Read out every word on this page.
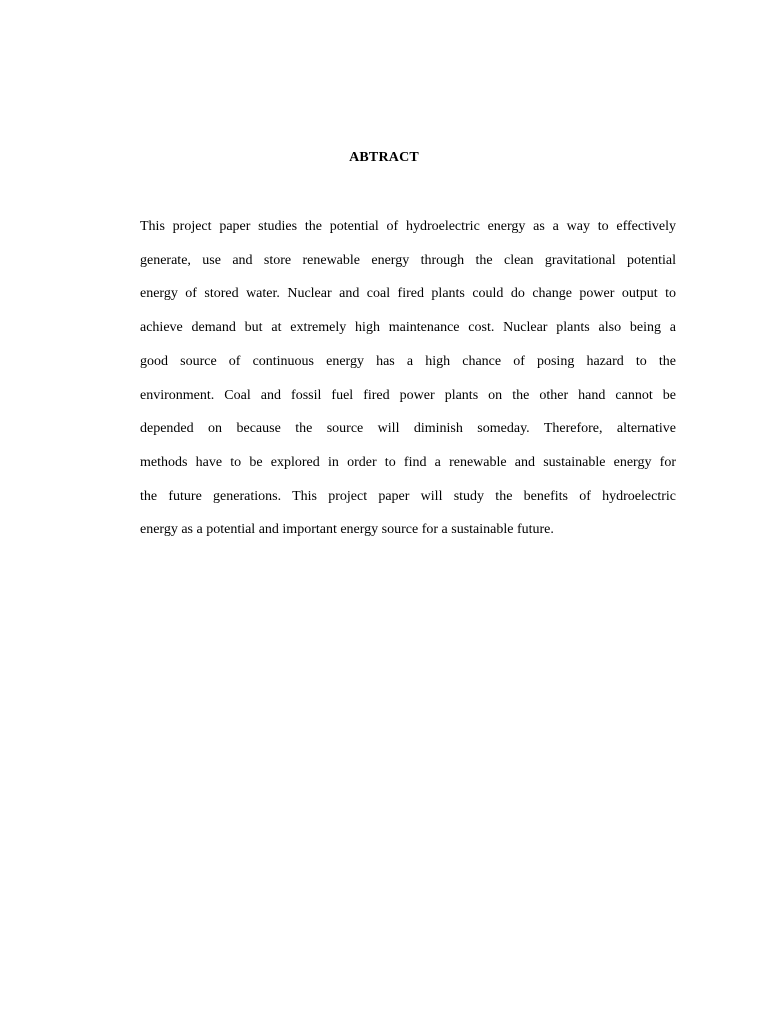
ABTRACT
This project paper studies the potential of hydroelectric energy as a way to effectively
generate, use and store renewable energy through the clean gravitational potential
energy of stored water. Nuclear and coal fired plants could do change power output to
achieve demand but at extremely high maintenance cost. Nuclear plants also being a
good source of continuous energy has a high chance of posing hazard to the
environment. Coal and fossil fuel fired power plants on the other hand cannot be
depended on because the source will diminish someday. Therefore, alternative
methods have to be explored in order to find a renewable and sustainable energy for
the future generations. This project paper will study the benefits of hydroelectric
energy as a potential and important energy source for a sustainable future.
